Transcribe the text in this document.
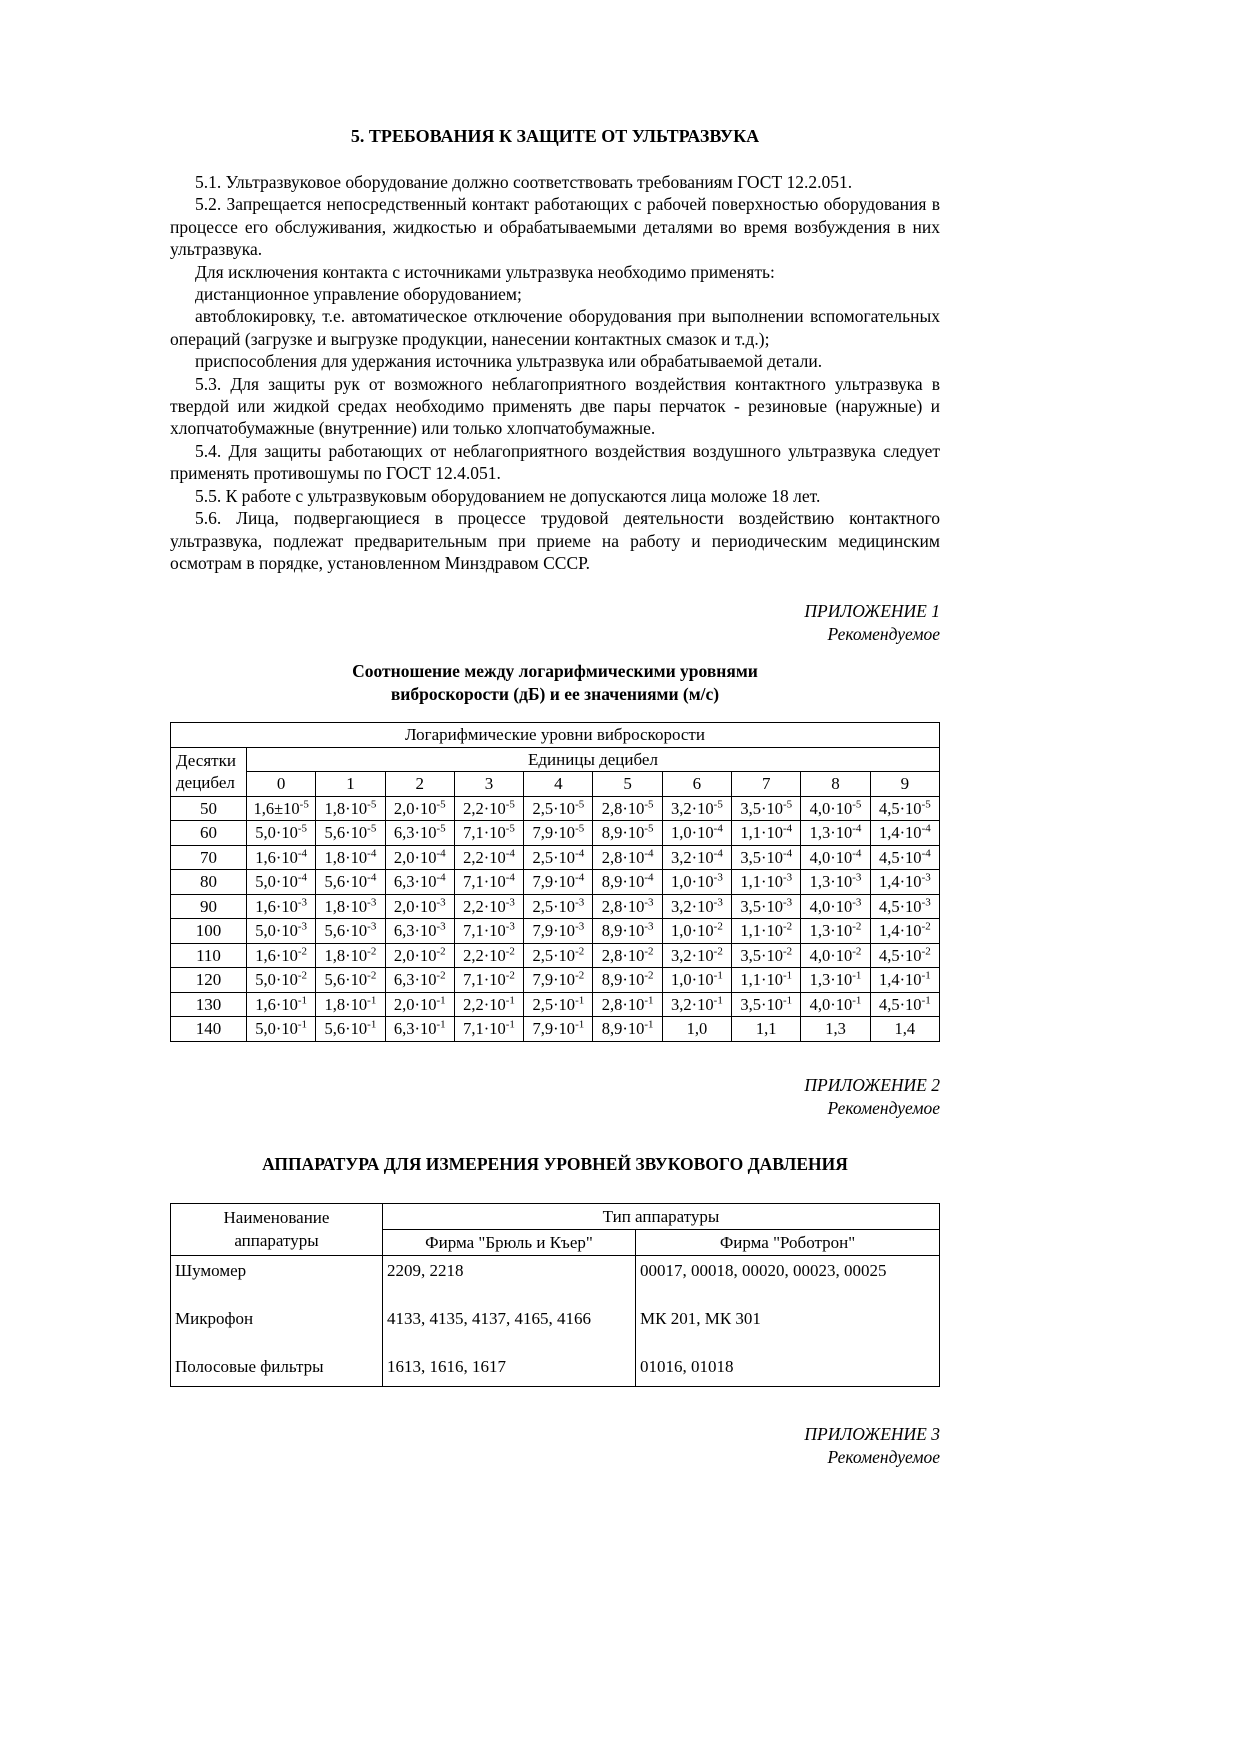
5. ТРЕБОВАНИЯ К ЗАЩИТЕ ОТ УЛЬТРАЗВУКА

5.1. Ультразвуковое оборудование должно соответствовать требованиям ГОСТ 12.2.051.

5.2. Запрещается непосредственный контакт работающих с рабочей поверхностью оборудования в процессе его обслуживания, жидкостью и обрабатываемыми деталями во время возбуждения в них ультразвука.

Для исключения контакта с источниками ультразвука необходимо применять:

дистанционное управление оборудованием;

автоблокировку, т.е. автоматическое отключение оборудования при выполнении вспомогательных операций (загрузке и выгрузке продукции, нанесении контактных смазок и т.д.);

приспособления для удержания источника ультразвука или обрабатываемой детали.

5.3. Для защиты рук от возможного неблагоприятного воздействия контактного ультразвука в твердой или жидкой средах необходимо применять две пары перчаток - резиновые (наружные) и хлопчатобумажные (внутренние) или только хлопчатобумажные.

5.4. Для защиты работающих от неблагоприятного воздействия воздушного ультразвука следует применять противошумы по ГОСТ 12.4.051.

5.5. К работе с ультразвуковым оборудованием не допускаются лица моложе 18 лет.

5.6. Лица, подвергающиеся в процессе трудовой деятельности воздействию контактного ультразвука, подлежат предварительным при приеме на работу и периодическим медицинским осмотрам в порядке, установленном Минздравом СССР.

ПРИЛОЖЕНИЕ 1
Рекомендуемое
Соотношение между логарифмическими уровнями
виброскорости (дБ) и ее значениями (м/с)
Логарифмические уровни виброскорости										
Десятки
децибел	Единицы децибел									
	0	1	2	3	4	5	6	7	8	9
50	$1,6\pm 10^{-5}$	$1,8\cdot 10^{-5}$	$2,0\cdot 10^{-5}$	$2,2\cdot 10^{-5}$	$2,5\cdot 10^{-5}$	$2,8\cdot 10^{-5}$	$3,2\cdot 10^{-5}$	$3,5\cdot 10^{-5}$	$4,0\cdot 10^{-5}$	$4,5\cdot 10^{-5}$
60	$5,0\cdot 10^{-5}$	$5,6\cdot 10^{-5}$	$6,3\cdot 10^{-5}$	$7,1\cdot 10^{-5}$	$7,9\cdot 10^{-5}$	$8,9\cdot 10^{-5}$	$1,0\cdot 10^{-4}$	$1,1\cdot 10^{-4}$	$1,3\cdot 10^{-4}$	$1,4\cdot 10^{-4}$
70	$1,6\cdot 10^{-4}$	$1,8\cdot 10^{-4}$	$2,0\cdot 10^{-4}$	$2,2\cdot 10^{-4}$	$2,5\cdot 10^{-4}$	$2,8\cdot 10^{-4}$	$3,2\cdot 10^{-4}$	$3,5\cdot 10^{-4}$	$4,0\cdot 10^{-4}$	$4,5\cdot 10^{-4}$
80	$5,0\cdot 10^{-4}$	$5,6\cdot 10^{-4}$	$6,3\cdot 10^{-4}$	$7,1\cdot 10^{-4}$	$7,9\cdot 10^{-4}$	$8,9\cdot 10^{-4}$	$1,0\cdot 10^{-3}$	$1,1\cdot 10^{-3}$	$1,3\cdot 10^{-3}$	$1,4\cdot 10^{-3}$
90	$1,6\cdot 10^{-3}$	$1,8\cdot 10^{-3}$	$2,0\cdot 10^{-3}$	$2,2\cdot 10^{-3}$	$2,5\cdot 10^{-3}$	$2,8\cdot 10^{-3}$	$3,2\cdot 10^{-3}$	$3,5\cdot 10^{-3}$	$4,0\cdot 10^{-3}$	$4,5\cdot 10^{-3}$
100	$5,0\cdot 10^{-3}$	$5,6\cdot 10^{-3}$	$6,3\cdot 10^{-3}$	$7,1\cdot 10^{-3}$	$7,9\cdot 10^{-3}$	$8,9\cdot 10^{-3}$	$1,0\cdot 10^{-2}$	$1,1\cdot 10^{-2}$	$1,3\cdot 10^{-2}$	$1,4\cdot 10^{-2}$
110	$1,6\cdot 10^{-2}$	$1,8\cdot 10^{-2}$	$2,0\cdot 10^{-2}$	$2,2\cdot 10^{-2}$	$2,5\cdot 10^{-2}$	$2,8\cdot 10^{-2}$	$3,2\cdot 10^{-2}$	$3,5\cdot 10^{-2}$	$4,0\cdot 10^{-2}$	$4,5\cdot 10^{-2}$
120	$5,0\cdot 10^{-2}$	$5,6\cdot 10^{-2}$	$6,3\cdot 10^{-2}$	$7,1\cdot 10^{-2}$	$7,9\cdot 10^{-2}$	$8,9\cdot 10^{-2}$	$1,0\cdot 10^{-1}$	$1,1\cdot 10^{-1}$	$1,3\cdot 10^{-1}$	$1,4\cdot 10^{-1}$
130	$1,6\cdot 10^{-1}$	$1,8\cdot 10^{-1}$	$2,0\cdot 10^{-1}$	$2,2\cdot 10^{-1}$	$2,5\cdot 10^{-1}$	$2,8\cdot 10^{-1}$	$3,2\cdot 10^{-1}$	$3,5\cdot 10^{-1}$	$4,0\cdot 10^{-1}$	$4,5\cdot 10^{-1}$
140	$5,0\cdot 10^{-1}$	$5,6\cdot 10^{-1}$	$6,3\cdot 10^{-1}$	$7,1\cdot 10^{-1}$	$7,9\cdot 10^{-1}$	$8,9\cdot 10^{-1}$	1,0	1,1	1,3	1,4
ПРИЛОЖЕНИЕ 2
Рекомендуемое
АППАРАТУРА ДЛЯ ИЗМЕРЕНИЯ УРОВНЕЙ ЗВУКОВОГО ДАВЛЕНИЯ
Наименование
аппаратуры	Тип аппаратуры	
	Фирма "Брюль и Къер"	Фирма "Роботрон"
Шумомер	2209, 2218	00017, 00018, 00020, 00023, 00025
Микрофон	4133, 4135, 4137, 4165, 4166	МК 201, МК 301
Полосовые фильтры	1613, 1616, 1617	01016, 01018
ПРИЛОЖЕНИЕ 3
Рекомендуемое
